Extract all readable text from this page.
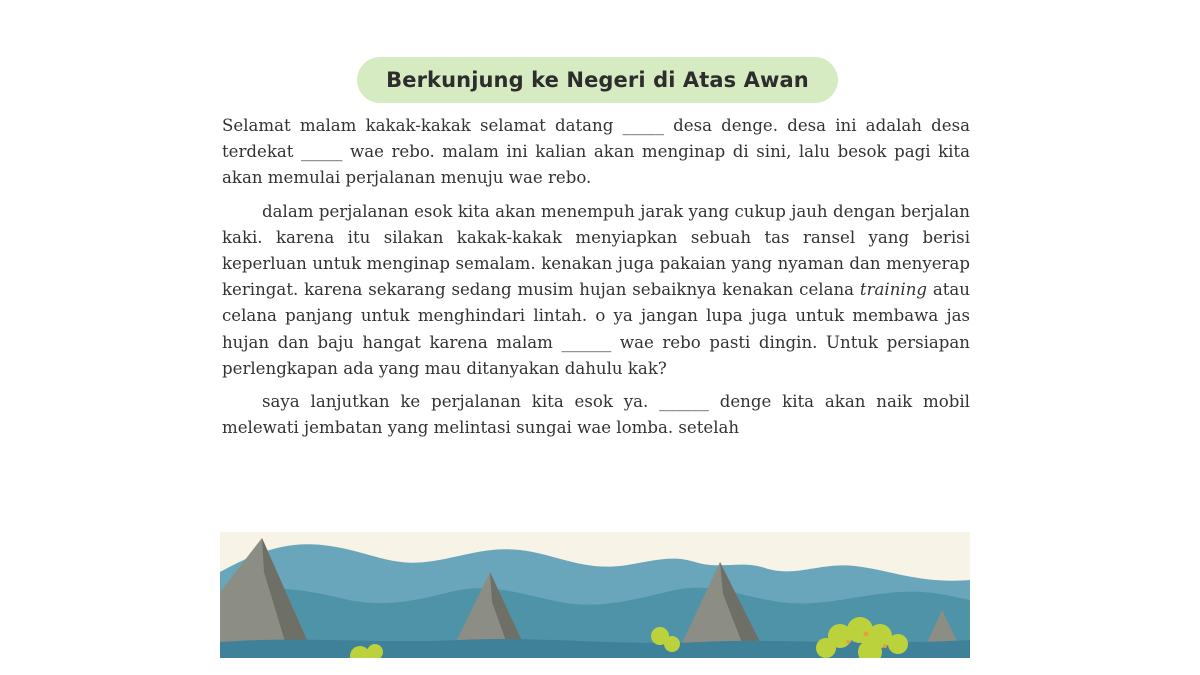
Berkunjung ke Negeri di Atas Awan

Selamat malam kakak-kakak selamat datang _____ desa denge. desa ini adalah desa terdekat _____ wae rebo. malam ini kalian akan menginap di sini, lalu besok pagi kita akan memulai perjalanan menuju wae rebo.

dalam perjalanan esok kita akan menempuh jarak yang cukup jauh dengan berjalan kaki. karena itu silakan kakak-kakak menyiapkan sebuah tas ransel yang berisi keperluan untuk menginap semalam. kenakan juga pakaian yang nyaman dan menyerap keringat. karena sekarang sedang musim hujan sebaiknya kenakan celana training atau celana panjang untuk menghindari lintah. o ya jangan lupa juga untuk membawa jas hujan dan baju hangat karena malam ______ wae rebo pasti dingin. Untuk persiapan perlengkapan ada yang mau ditanyakan dahulu kak?

saya lanjutkan ke perjalanan kita esok ya. ______ denge kita akan naik mobil melewati jembatan yang melintasi sungai wae lomba. setelah
